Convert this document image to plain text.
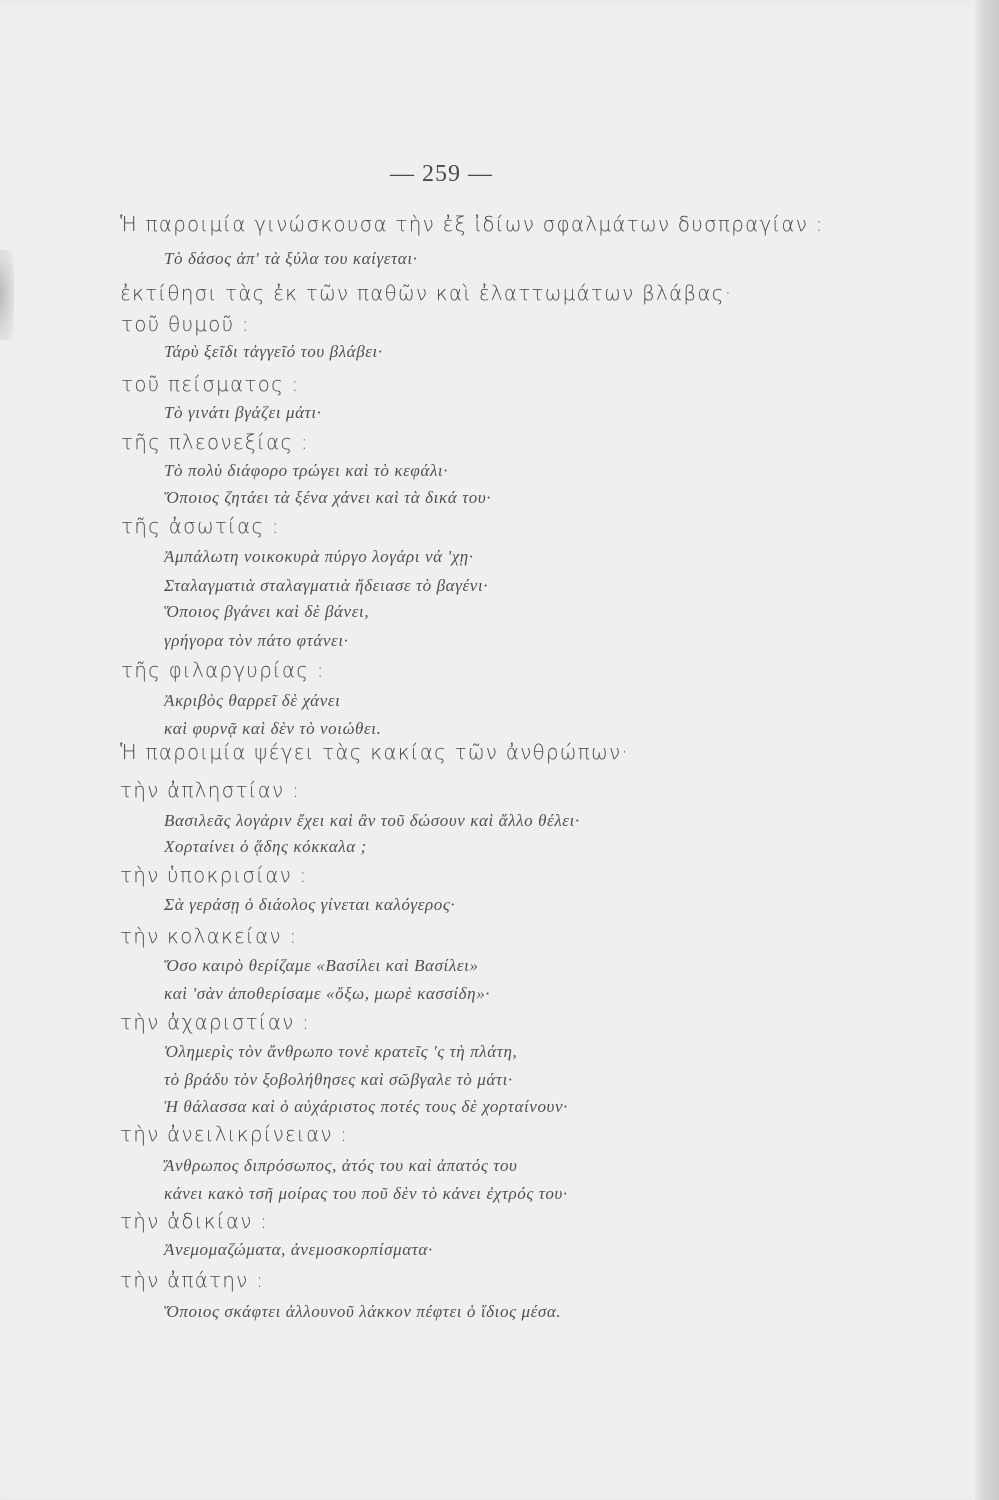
— 259 —
Ἡ παροιμία γινώσκουσα τὴν ἐξ ἰδίων σφαλμάτων δυσπραγίαν :
Τὸ δάσος ἀπ' τὰ ξύλα του καίγεται·
ἐκτίθησι τὰς ἐκ τῶν παθῶν καὶ ἐλαττωμάτων βλάβας·
τοῦ θυμοῦ :
Τάρὺ ξεῖδι τἀγγεῖό του βλάβει·
τοῦ πείσματος :
Τὸ γινάτι βγάζει μάτι·
τῆς πλεονεξίας :
Τὸ πολὺ διάφορο τρώγει καὶ τὸ κεφάλι·
Ὅποιος ζητάει τὰ ξένα χάνει καὶ τὰ δικά του·
τῆς ἀσωτίας :
Ἀμπάλωτη νοικοκυρὰ πύργο λογάρι νά 'χῃ·
Σταλαγματιὰ σταλαγματιὰ ἤδειασε τὸ βαγένι·
Ὅποιος βγάνει καὶ δὲ βάνει,
γρήγορα τὸν πάτο φτάνει·
τῆς φιλαργυρίας :
Ἀκριβὸς θαρρεῖ δὲ χάνει
καὶ φυρνᾷ καὶ δὲν τὸ νοιώθει.
Ἡ παροιμία ψέγει τὰς κακίας τῶν ἀνθρώπων·
τὴν ἀπληστίαν :
Βασιλεᾶς λογάριν ἔχει καὶ ἂν τοῦ δώσουν καὶ ἄλλο θέλει·
Χορταίνει ὁ ᾅδης κόκκαλα ;
τὴν ὑποκρισίαν :
Σὰ γεράσῃ ὁ διάολος γίνεται καλόγερος·
τὴν κολακείαν :
Ὅσο καιρὸ θερίζαμε «Βασίλει καὶ Βασίλει»
καὶ 'σὰν ἀποθερίσαμε «ὄξω, μωρὲ κασσίδη»·
τὴν ἀχαριστίαν :
Ὁλημερὶς τὸν ἄνθρωπο τονὲ κρατεῖς 'ς τὴ πλάτη,
τὸ βράδυ τὸν ξοβολήθησες καὶ σῶβγαλε τὸ μάτι·
Ἡ θάλασσα καὶ ὁ αὐχάριστος ποτές τους δὲ χορταίνουν·
τὴν ἀνειλικρίνειαν :
Ἄνθρωπος διπρόσωπος, ἀτός του καὶ ἀπατός του
κάνει κακὸ τσῆ μοίρας του ποῦ δὲν τὸ κάνει ἐχτρός του·
τὴν ἀδικίαν :
Ἀνεμομαζώματα, ἀνεμοσκορπίσματα·
τὴν ἀπάτην :
Ὅποιος σκάφτει ἀλλουνοῦ λάκκον πέφτει ὁ ἴδιος μέσα.
